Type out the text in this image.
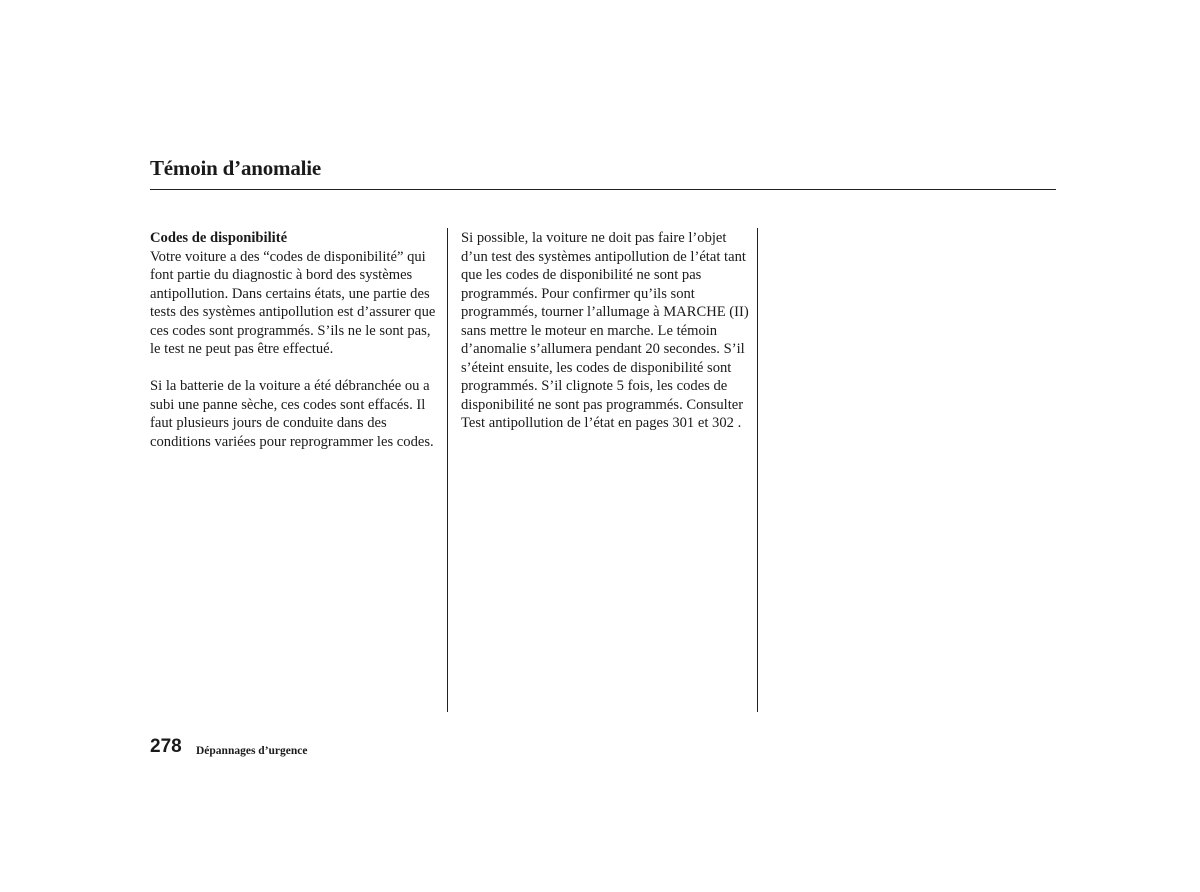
Témoin d’anomalie
Codes de disponibilité

Votre voiture a des “codes de disponibilité” qui font partie du diagnostic à bord des systèmes antipollution. Dans certains états, une partie des tests des systèmes antipollution est d’assurer que ces codes sont programmés. S’ils ne le sont pas, le test ne peut pas être effectué.

Si la batterie de la voiture a été débranchée ou a subi une panne sèche, ces codes sont effacés. Il faut plusieurs jours de conduite dans des conditions variées pour reprogrammer les codes.

Si possible, la voiture ne doit pas faire l’objet d’un test des systèmes antipollution de l’état tant que les codes de disponibilité ne sont pas programmés. Pour confirmer qu’ils sont programmés, tourner l’allumage à MARCHE (II) sans mettre le moteur en marche. Le témoin d’anomalie s’allumera pendant 20 secondes. S’il s’éteint ensuite, les codes de disponibilité sont programmés. S’il clignote 5 fois, les codes de disponibilité ne sont pas programmés. Consulter Test antipollution de l’état en pages 301 et 302 .

278 Dépannages d’urgence
